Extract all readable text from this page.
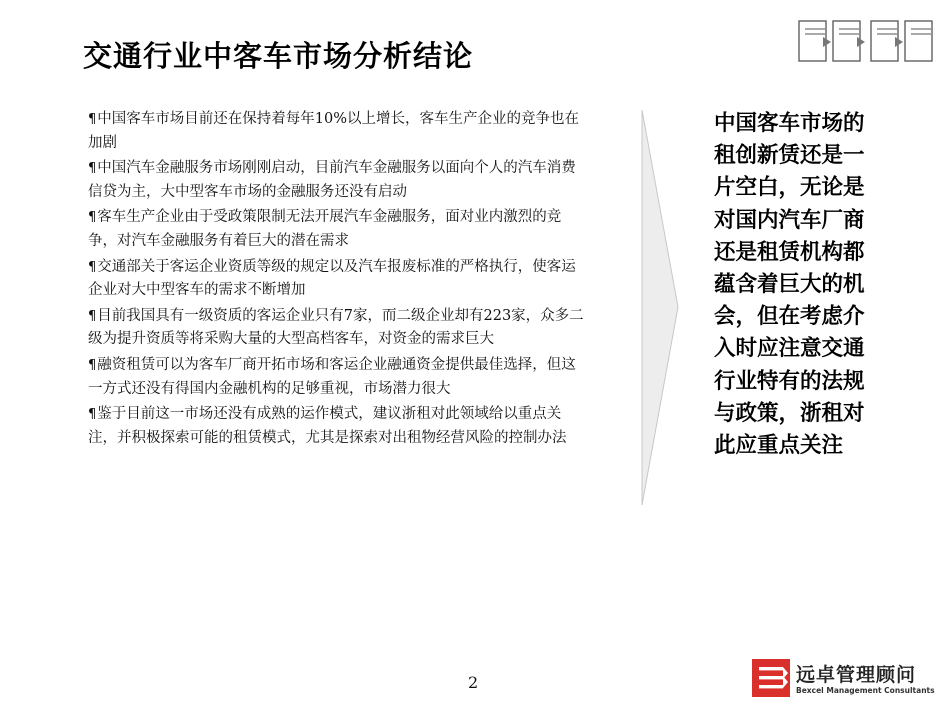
交通行业中客车市场分析结论
¶中国客车市场目前还在保持着每年10%以上增长，客车生产企业的竞争也在加剧
¶中国汽车金融服务市场刚刚启动，目前汽车金融服务以面向个人的汽车消费信贷为主，大中型客车市场的金融服务还没有启动
¶客车生产企业由于受政策限制无法开展汽车金融服务，面对业内激烈的竞争，对汽车金融服务有着巨大的潜在需求
¶交通部关于客运企业资质等级的规定以及汽车报废标准的严格执行，使客运企业对大中型客车的需求不断增加
¶目前我国具有一级资质的客运企业只有7家，而二级企业却有223家，众多二级为提升资质等将采购大量的大型高档客车，对资金的需求巨大
¶融资租赁可以为客车厂商开拓市场和客运企业融通资金提供最佳选择，但这一方式还没有得国内金融机构的足够重视，市场潜力很大
¶鉴于目前这一市场还没有成熟的运作模式，建议浙租对此领域给以重点关注，并积极探索可能的租赁模式，尤其是探索对出租物经营风险的控制办法
中国客车市场的租创新赁还是一片空白，无论是对国内汽车厂商还是租赁机构都蕴含着巨大的机会，但在考虑介入时应注意交通行业特有的法规与政策，浙租对此应重点关注
2	远卓管理顾问
Bexcel Management Consultants
